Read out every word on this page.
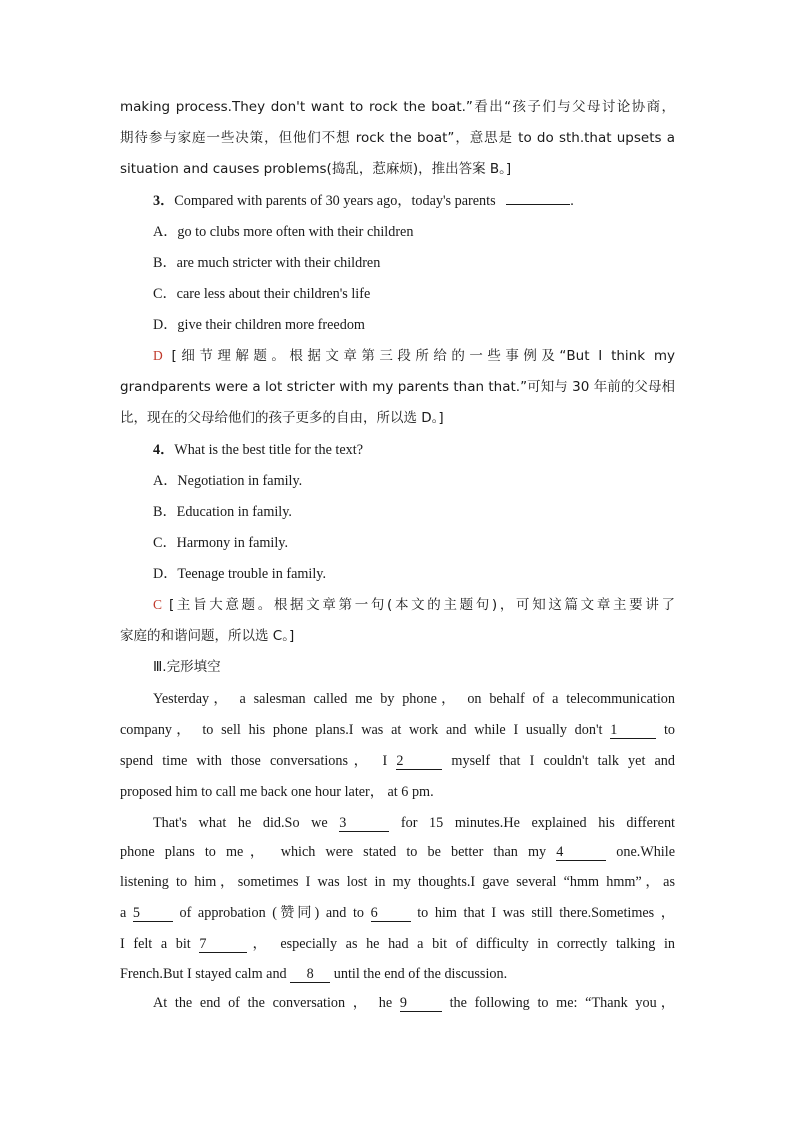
making process.They don't want to rock the boat.”看出“孩子们与父母讨论协商，
期待参与家庭一些决策，但他们不想 rock the boat”，意思是 to do sth.that upsets a
situation and causes problems(捣乱，惹麻烦)，推出答案 B。]
3．Compared with parents of 30 years ago，today's parents	.
A．go to clubs more often with their children
B．are much stricter with their children
C．care less about their children's life
D．give their children more freedom
D [细节理解题。根据文章第三段所给的一些事例及“But I think my
grandparents were a lot stricter with my parents than that.”可知与 30 年前的父母相
比，现在的父母给他们的孩子更多的自由，所以选 D。]
4．What is the best title for the text?
A．Negotiation in family.
B．Education in family.
C．Harmony in family.
D．Teenage trouble in family.
C [主旨大意题。根据文章第一句(本文的主题句)，可知这篇文章主要讲了
家庭的和谐问题，所以选 C。]
Ⅲ.完形填空
Yesterday， a salesman called me by phone， on behalf of a telecommunication
company， to sell his phone plans.I was at work and while I usually don't 1	to
spend time with those conversations， I 2	myself that I couldn't talk yet and
proposed him to call me back one hour later， at 6 pm.
That's what he did.So we 3	for 15 minutes.He explained his different
phone plans to me， which were stated to be better than my 4	one.While
listening to him，sometimes I was lost in my thoughts.I gave several “hmm hmm”，as
a 5 of approbation (赞同) and to 6 to him that I was still there.Sometimes ，
I felt a bit 7	， especially as he had a bit of difficulty in correctly talking in
French.But I stayed calm and 8 until the end of the discussion.
At the end of the conversation ， he 9 the following to me: “Thank you，
